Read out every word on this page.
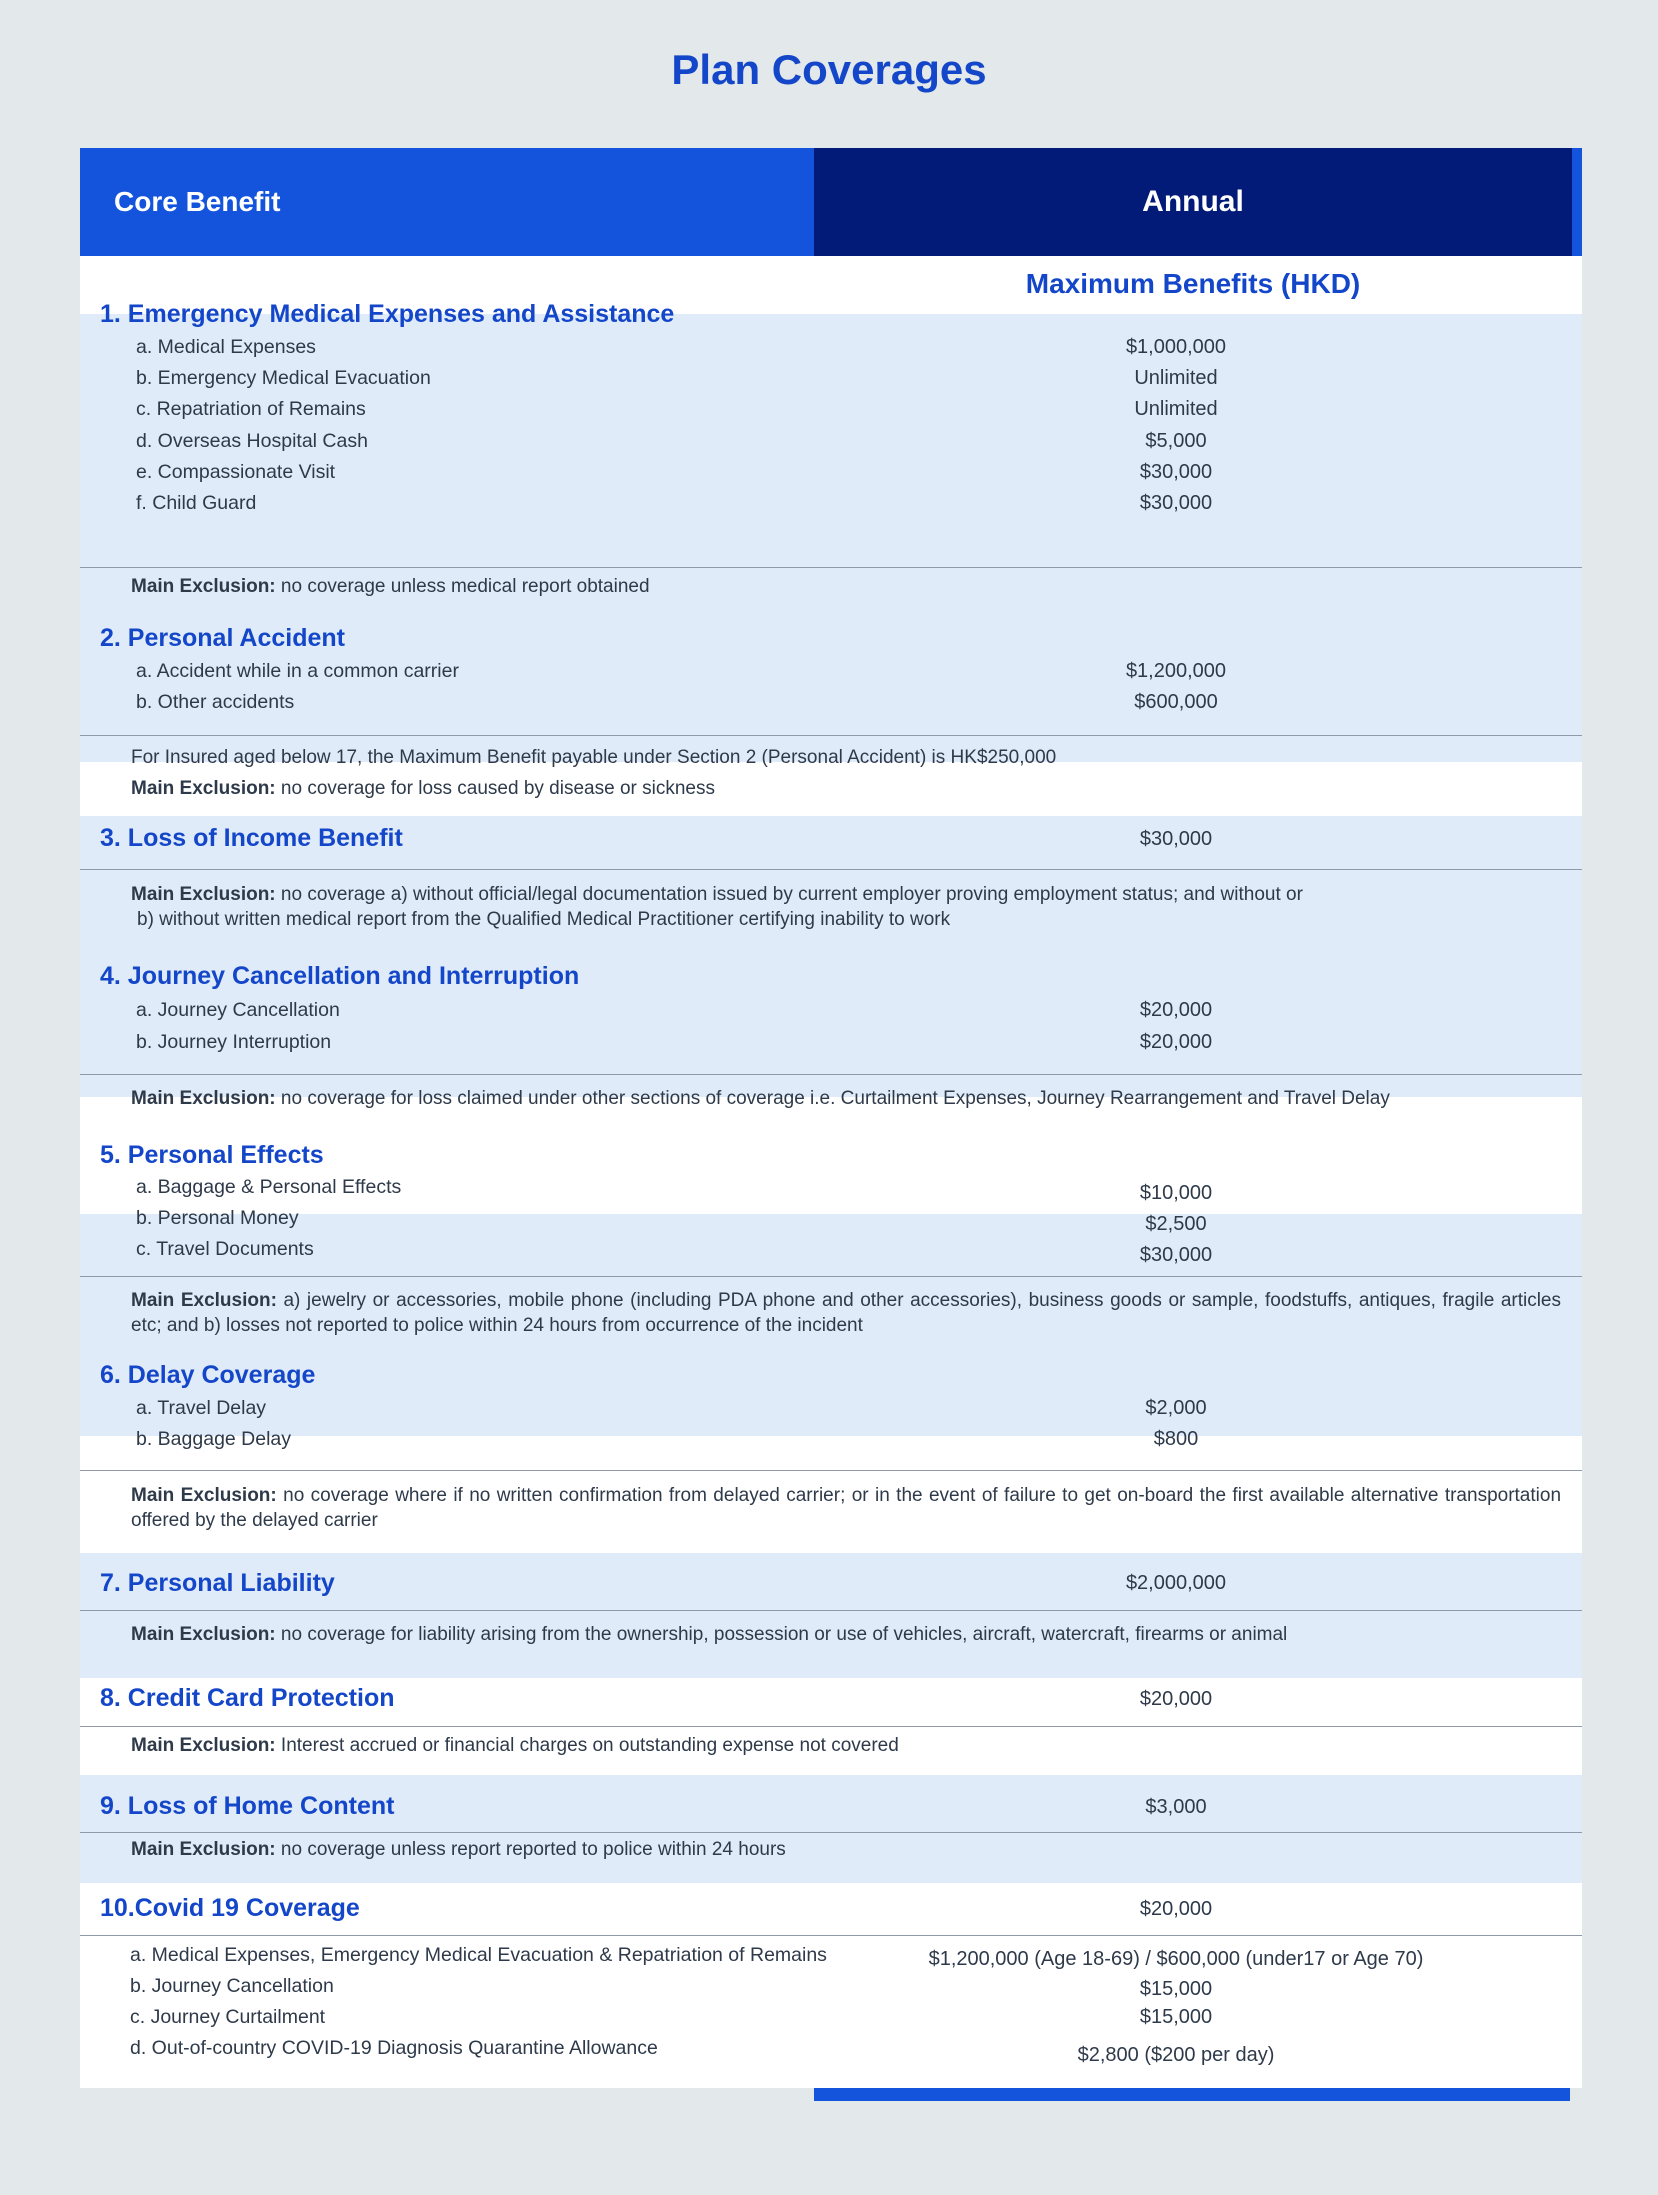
Plan Coverages
Core Benefit	Annual
Maximum Benefits (HKD)
1. Emergency Medical Expenses and Assistance
a. Medical Expenses	$1,000,000
b. Emergency Medical Evacuation	Unlimited
c. Repatriation of Remains	Unlimited
d. Overseas Hospital Cash	$5,000
e. Compassionate Visit	$30,000
f. Child Guard	$30,000
Main Exclusion: no coverage unless medical report obtained
2. Personal Accident
a. Accident while in a common carrier	$1,200,000
b. Other accidents	$600,000
For Insured aged below 17, the Maximum Benefit payable under Section 2 (Personal Accident) is HK$250,000
Main Exclusion: no coverage for loss caused by disease or sickness
3. Loss of Income Benefit	$30,000
Main Exclusion: no coverage a) without official/legal documentation issued by current employer proving employment status; and without or
b) without written medical report from the Qualified Medical Practitioner certifying inability to work
4. Journey Cancellation and Interruption
a. Journey Cancellation	$20,000
b. Journey Interruption	$20,000
Main Exclusion: no coverage for loss claimed under other sections of coverage i.e. Curtailment Expenses, Journey Rearrangement and Travel Delay
5. Personal Effects
a. Baggage & Personal Effects	$10,000
b. Personal Money	$2,500
c. Travel Documents	$30,000
Main Exclusion: a) jewelry or accessories, mobile phone (including PDA phone and other accessories), business goods or sample, foodstuffs, antiques, fragile articles etc; and b) losses not reported to police within 24 hours from occurrence of the incident
6. Delay Coverage
a. Travel Delay	$2,000
b. Baggage Delay	$800
Main Exclusion: no coverage where if no written confirmation from delayed carrier; or in the event of failure to get on-board the first available alternative transportation offered by the delayed carrier
7. Personal Liability	$2,000,000
Main Exclusion: no coverage for liability arising from the ownership, possession or use of vehicles, aircraft, watercraft, firearms or animal
8. Credit Card Protection	$20,000
Main Exclusion: Interest accrued or financial charges on outstanding expense not covered
9. Loss of Home Content	$3,000
Main Exclusion: no coverage unless report reported to police within 24 hours
10.Covid 19 Coverage	$20,000
a. Medical Expenses, Emergency Medical Evacuation & Repatriation of Remains	$1,200,000 (Age 18-69) / $600,000 (under17 or Age 70)
b. Journey Cancellation	$15,000
c. Journey Curtailment	$15,000
d. Out-of-country COVID-19 Diagnosis Quarantine Allowance	$2,800 ($200 per day)
